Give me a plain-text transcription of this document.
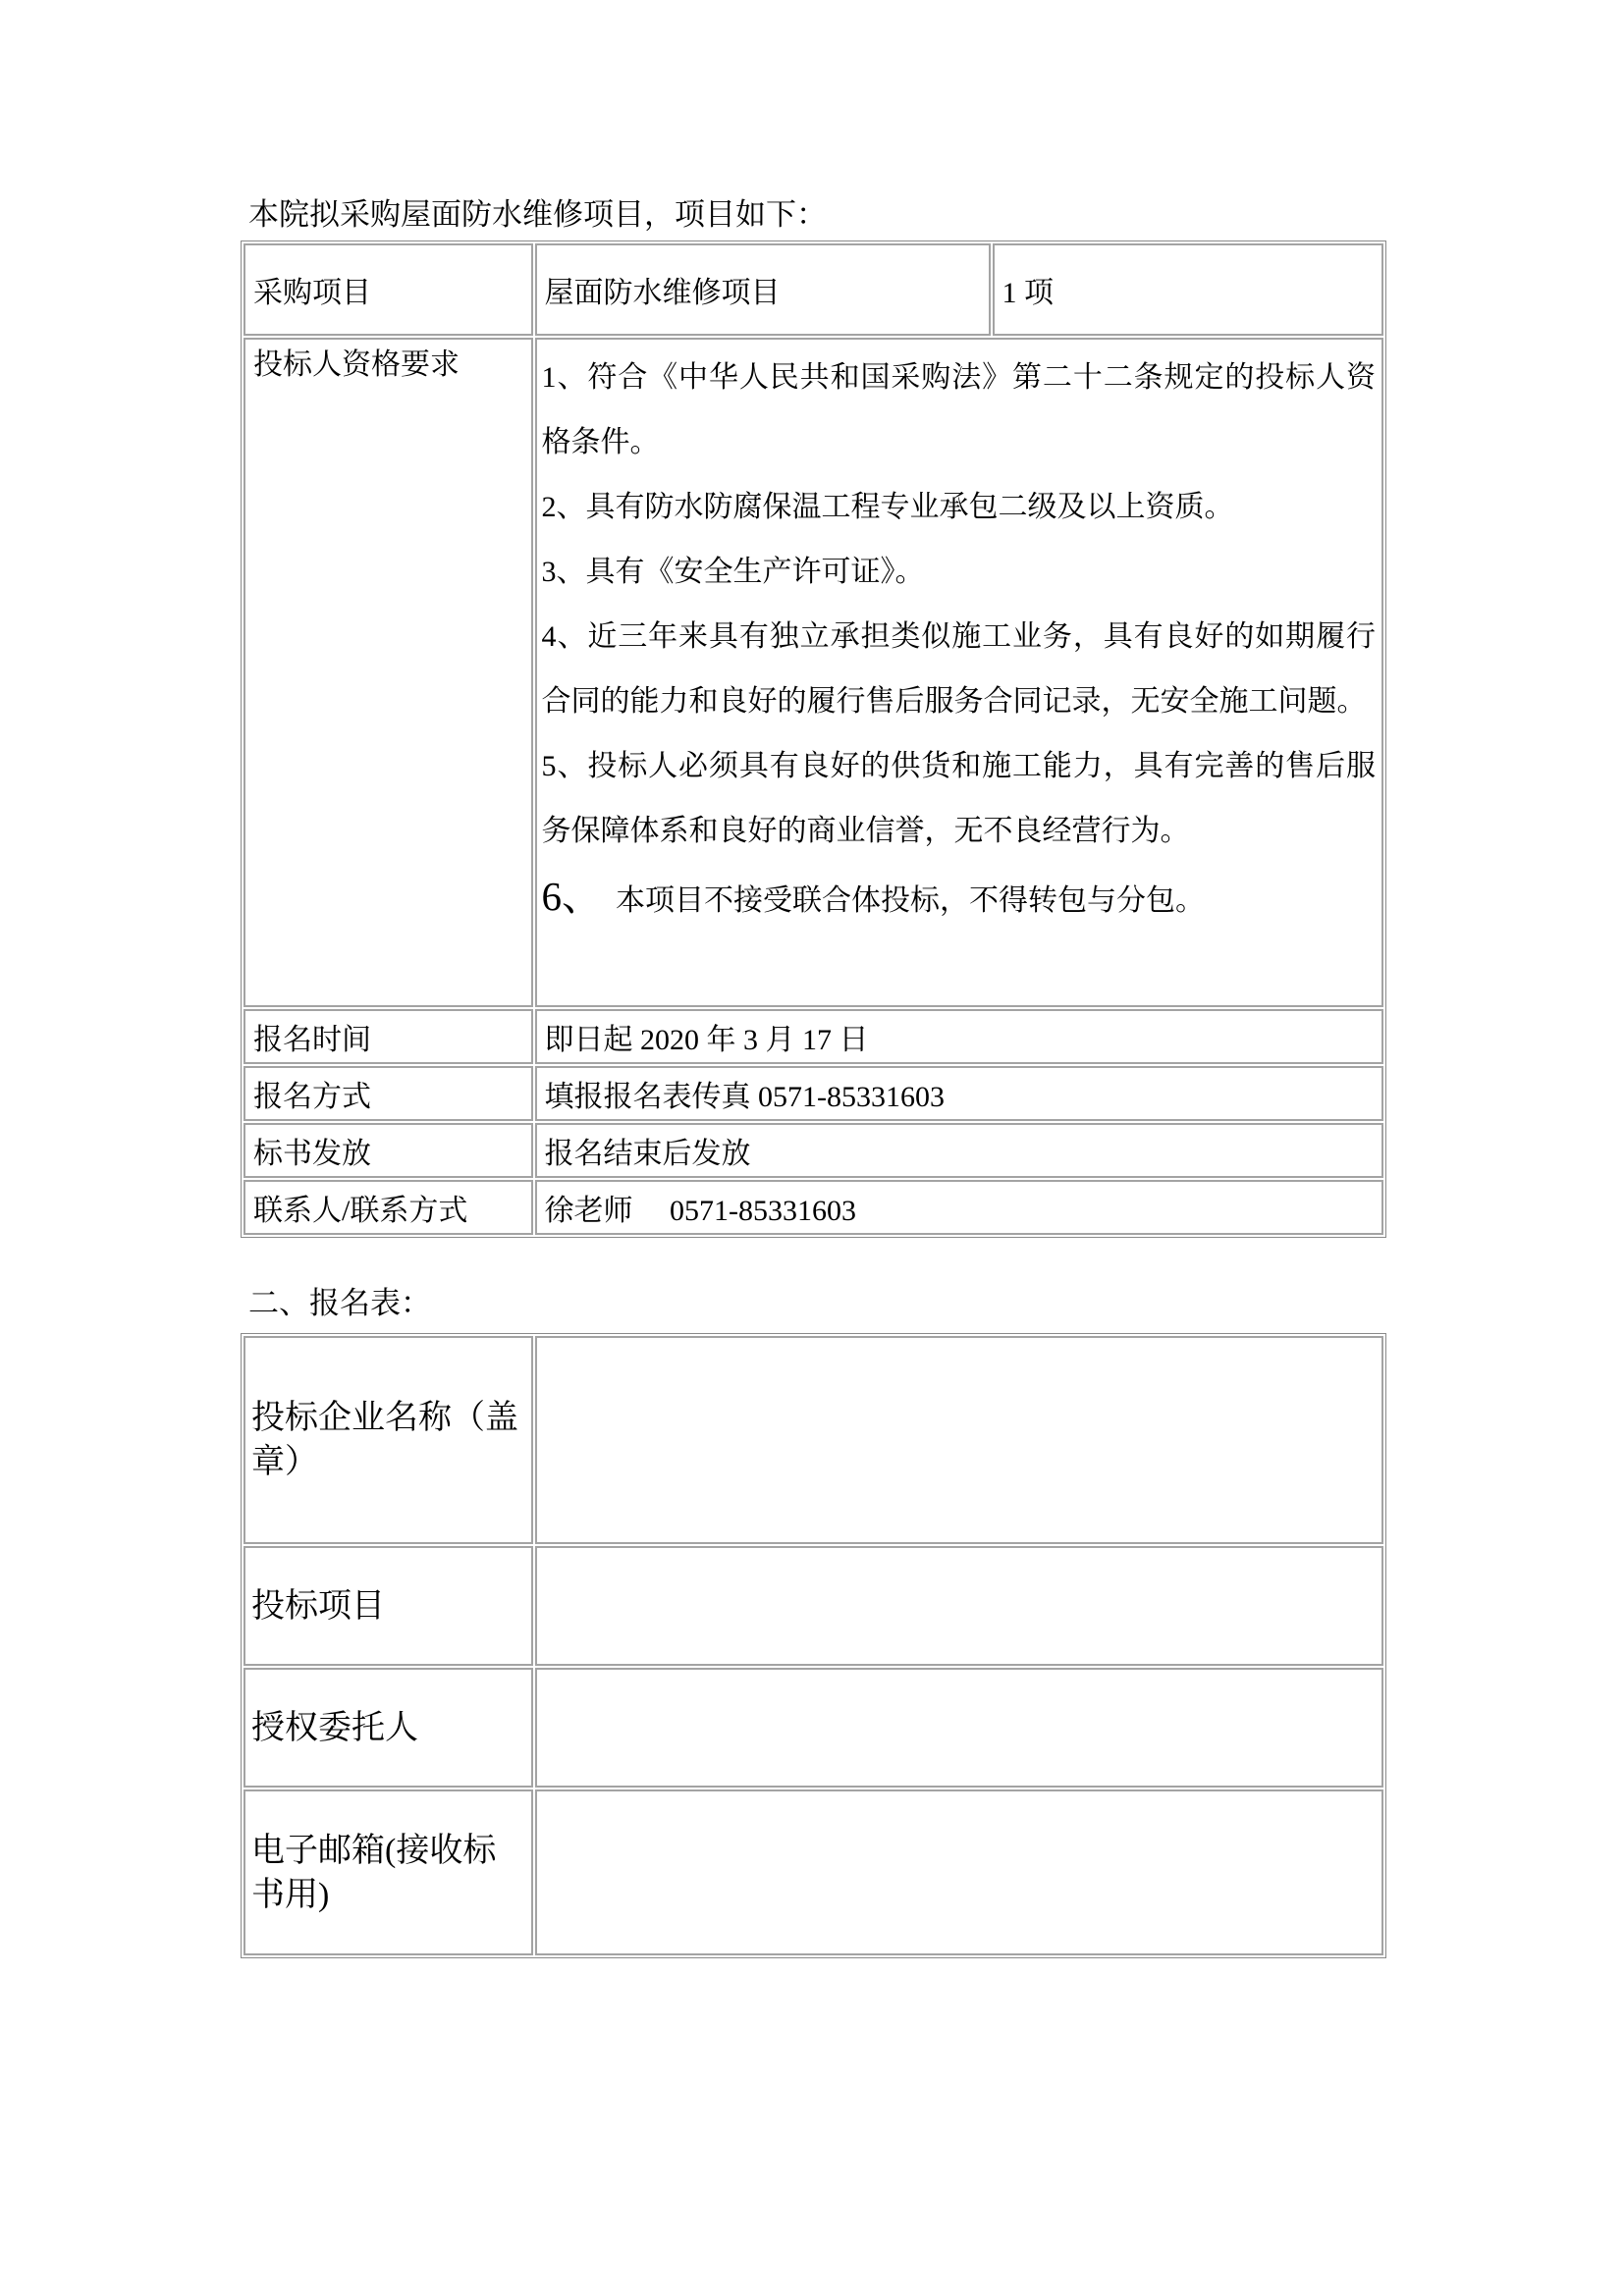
本院拟采购屋面防水维修项目，项目如下：

采购项目	屋面防水维修项目	1 项
投标人资格要求	1、符合《中华人民共和国采购法》第二十二条规定的投标人资格条件。

2、具有防水防腐保温工程专业承包二级及以上资质。

3、具有《安全生产许可证》。

4、近三年来具有独立承担类似施工业务，具有良好的如期履行合同的能力和良好的履行售后服务合同记录，无安全施工问题。

5、投标人必须具有良好的供货和施工能力，具有完善的售后服务保障体系和良好的商业信誉，无不良经营行为。

6、 本项目不接受联合体投标，不得转包与分包。

报名时间	即日起 2020 年 3 月 17 日	
报名方式	填报报名表传真 0571-85331603	
标书发放	报名结束后发放	
联系人/联系方式	徐老师     0571-85331603	

二、报名表：

投标企业名称（盖章）	
投标项目	
授权委托人	
电子邮箱(接收标书用)	
